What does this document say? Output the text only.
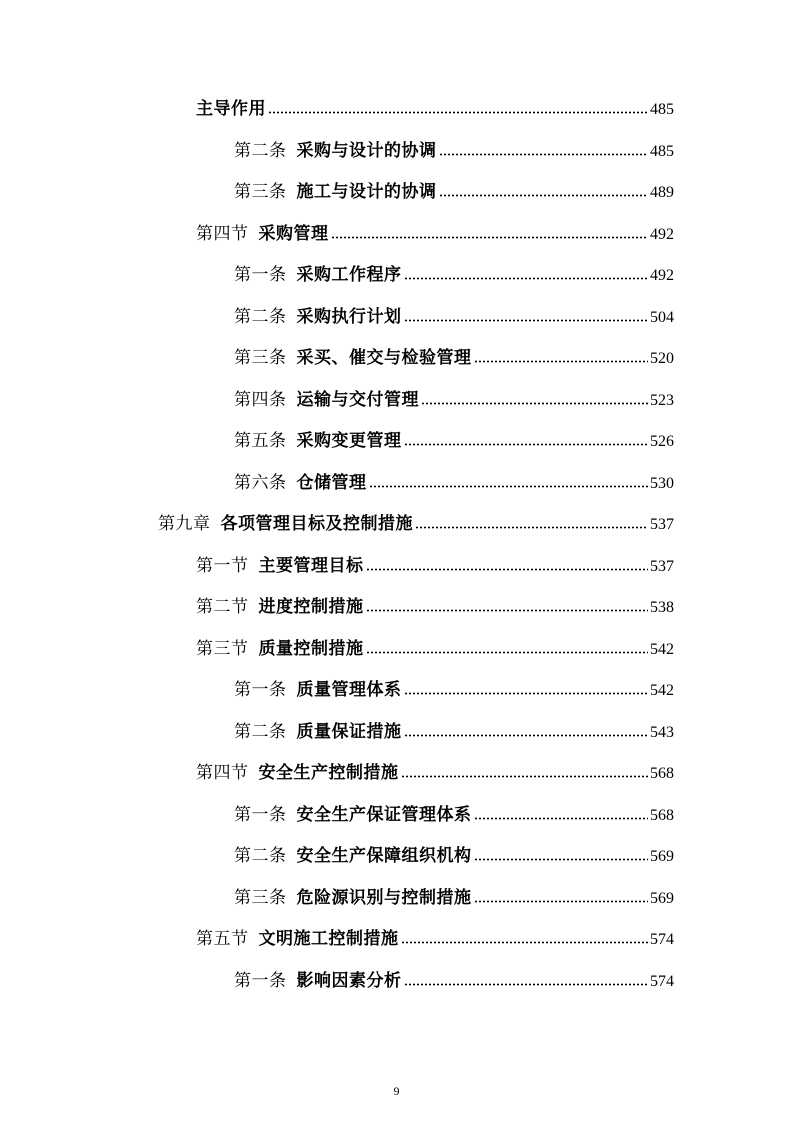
主导作用	485
第二条 采购与设计的协调	485
第三条 施工与设计的协调	489
第四节 采购管理	492
第一条 采购工作程序	492
第二条 采购执行计划	504
第三条 采买、催交与检验管理	520
第四条 运输与交付管理	523
第五条 采购变更管理	526
第六条 仓储管理	530
第九章 各项管理目标及控制措施	537
第一节 主要管理目标	537
第二节 进度控制措施	538
第三节 质量控制措施	542
第一条 质量管理体系	542
第二条 质量保证措施	543
第四节 安全生产控制措施	568
第一条 安全生产保证管理体系	568
第二条 安全生产保障组织机构	569
第三条 危险源识别与控制措施	569
第五节 文明施工控制措施	574
第一条 影响因素分析	574
9
